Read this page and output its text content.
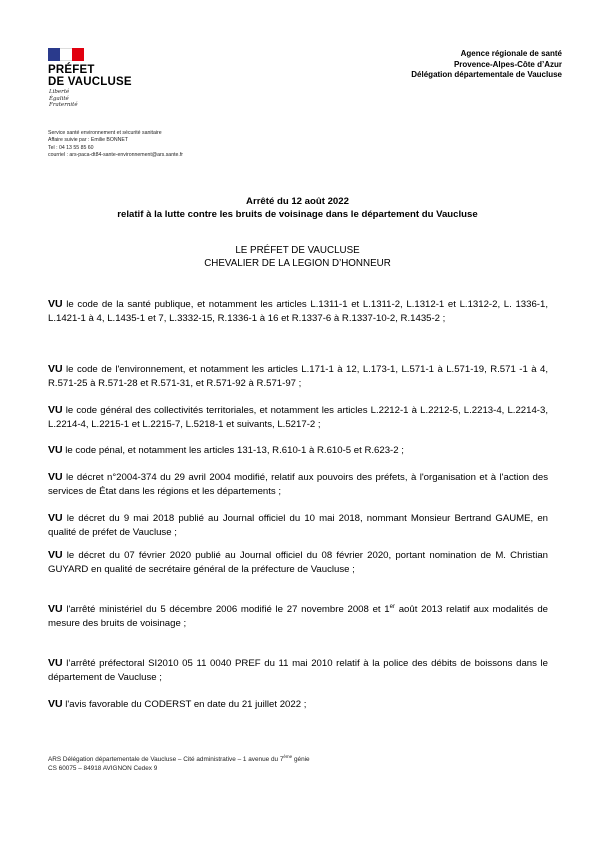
PRÉFET
DE VAUCLUSE
Liberté
Égalité
Fraternité
Agence régionale de santé
Provence-Alpes-Côte d’Azur
Délégation départementale de Vaucluse
Service santé environnement et sécurité sanitaire
Affaire suivie par : Emilie BONNET
Tel : 04 13 55 85 60
courriel : ars-paca-dt84-sante-environnement@ars.sante.fr
Arrêté du 12 août 2022
relatif à la lutte contre les bruits de voisinage dans le département du Vaucluse
LE PRÉFET DE VAUCLUSE
CHEVALIER DE LA LEGION D’HONNEUR

VU le code de la santé publique, et notamment les articles L.1311-1 et L.1311-2, L.1312-1 et L.1312-2, L. 1336-1, L.1421-1 à 4, L.1435-1 et 7, L.3332-15, R.1336-1 à 16 et R.1337-6 à R.1337-10-2, R.1435-2 ;

VU le code de l'environnement, et notamment les articles L.171-1 à 12, L.173-1, L.571-1 à L.571-19, R.571 -1 à 4, R.571-25 à R.571-28 et R.571-31, et R.571-92 à R.571-97 ;

VU le code général des collectivités territoriales, et notamment les articles L.2212-1 à L.2212-5, L.2213-4, L.2214-3, L.2214-4, L.2215-1 et L.2215-7, L.5218-1 et suivants, L.5217-2 ;

VU le code pénal, et notamment les articles 131-13, R.610-1 à R.610-5 et R.623-2 ;

VU le décret n°2004-374 du 29 avril 2004 modifié, relatif aux pouvoirs des préfets, à l'organisation et à l'action des services de État dans les régions et les départements ;

VU le décret du 9 mai 2018 publié au Journal officiel du 10 mai 2018, nommant Monsieur Bertrand GAUME, en qualité de préfet de Vaucluse ;

VU le décret du 07 février 2020 publié au Journal officiel du 08 février 2020, portant nomination de M. Christian GUYARD en qualité de secrétaire général de la préfecture de Vaucluse ;

VU l'arrêté ministériel du 5 décembre 2006 modifié le 27 novembre 2008 et 1er août 2013 relatif aux modalités de mesure des bruits de voisinage ;

VU l’arrêté préfectoral SI2010 05 11 0040 PREF du 11 mai 2010 relatif à la police des débits de boissons dans le département de Vaucluse ;

VU l'avis favorable du CODERST en date du 21 juillet 2022 ;

ARS Délégation départementale de Vaucluse – Cité administrative – 1 avenue du 7ème génie
CS 60075 – 84918 AVIGNON Cedex 9
